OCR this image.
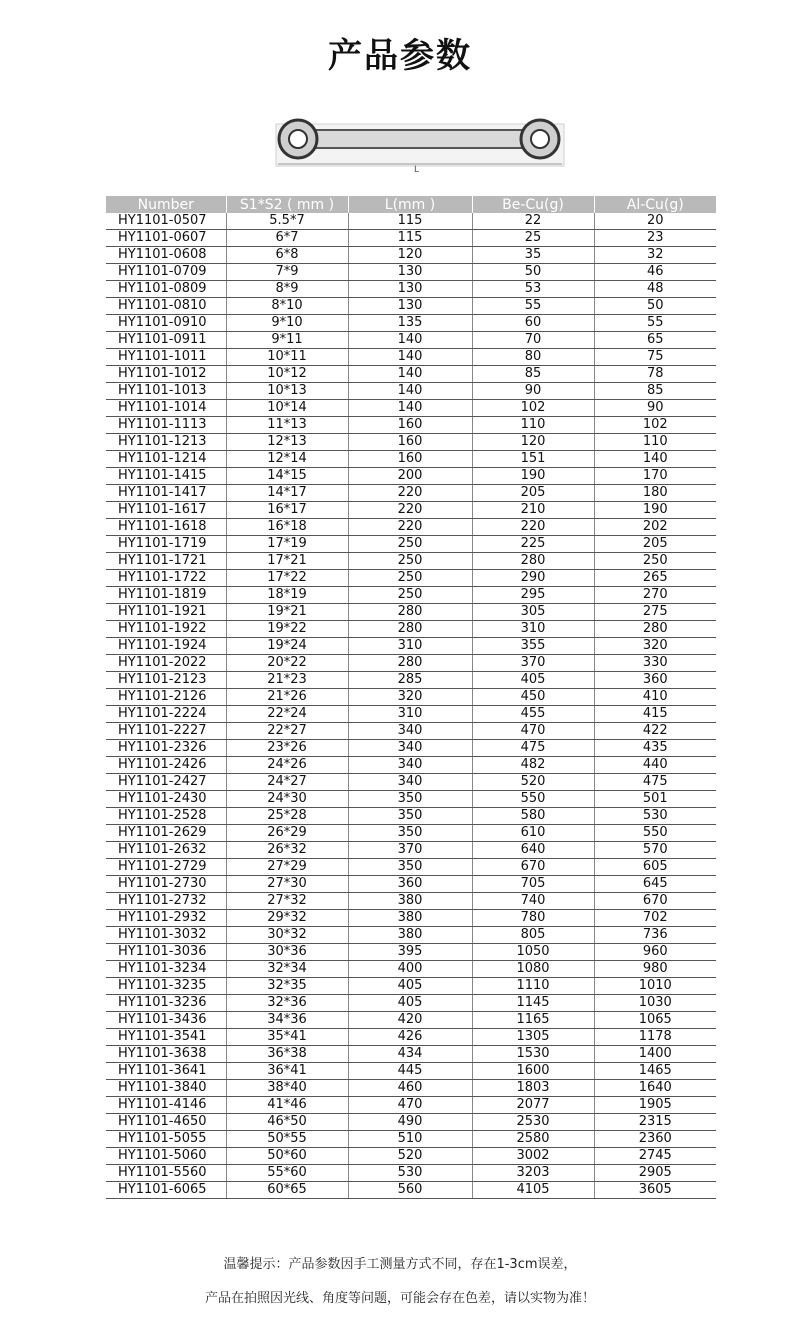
产品参数
L
Number	S1*S2 ( mm )	L(mm )	Be-Cu(g)	Al-Cu(g)
HY1101-0507	5.5*7	115	22	20
HY1101-0607	6*7	115	25	23
HY1101-0608	6*8	120	35	32
HY1101-0709	7*9	130	50	46
HY1101-0809	8*9	130	53	48
HY1101-0810	8*10	130	55	50
HY1101-0910	9*10	135	60	55
HY1101-0911	9*11	140	70	65
HY1101-1011	10*11	140	80	75
HY1101-1012	10*12	140	85	78
HY1101-1013	10*13	140	90	85
HY1101-1014	10*14	140	102	90
HY1101-1113	11*13	160	110	102
HY1101-1213	12*13	160	120	110
HY1101-1214	12*14	160	151	140
HY1101-1415	14*15	200	190	170
HY1101-1417	14*17	220	205	180
HY1101-1617	16*17	220	210	190
HY1101-1618	16*18	220	220	202
HY1101-1719	17*19	250	225	205
HY1101-1721	17*21	250	280	250
HY1101-1722	17*22	250	290	265
HY1101-1819	18*19	250	295	270
HY1101-1921	19*21	280	305	275
HY1101-1922	19*22	280	310	280
HY1101-1924	19*24	310	355	320
HY1101-2022	20*22	280	370	330
HY1101-2123	21*23	285	405	360
HY1101-2126	21*26	320	450	410
HY1101-2224	22*24	310	455	415
HY1101-2227	22*27	340	470	422
HY1101-2326	23*26	340	475	435
HY1101-2426	24*26	340	482	440
HY1101-2427	24*27	340	520	475
HY1101-2430	24*30	350	550	501
HY1101-2528	25*28	350	580	530
HY1101-2629	26*29	350	610	550
HY1101-2632	26*32	370	640	570
HY1101-2729	27*29	350	670	605
HY1101-2730	27*30	360	705	645
HY1101-2732	27*32	380	740	670
HY1101-2932	29*32	380	780	702
HY1101-3032	30*32	380	805	736
HY1101-3036	30*36	395	1050	960
HY1101-3234	32*34	400	1080	980
HY1101-3235	32*35	405	1110	1010
HY1101-3236	32*36	405	1145	1030
HY1101-3436	34*36	420	1165	1065
HY1101-3541	35*41	426	1305	1178
HY1101-3638	36*38	434	1530	1400
HY1101-3641	36*41	445	1600	1465
HY1101-3840	38*40	460	1803	1640
HY1101-4146	41*46	470	2077	1905
HY1101-4650	46*50	490	2530	2315
HY1101-5055	50*55	510	2580	2360
HY1101-5060	50*60	520	3002	2745
HY1101-5560	55*60	530	3203	2905
HY1101-6065	60*65	560	4105	3605
温馨提示：产品参数因手工测量方式不同，存在1-3cm误差，
产品在拍照因光线、角度等问题，可能会存在色差，请以实物为准！
